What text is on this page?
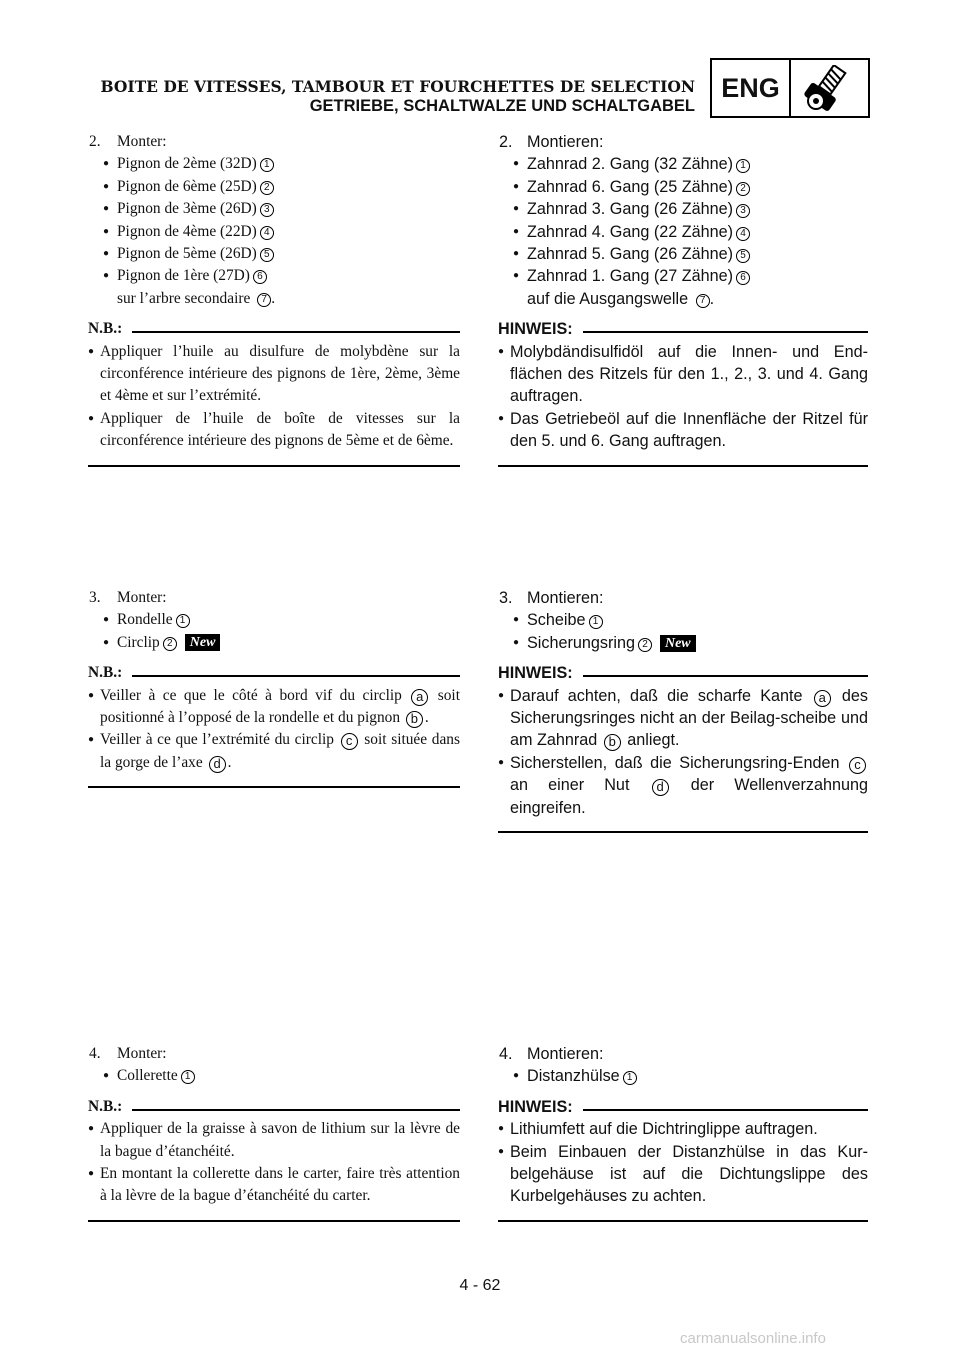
BOITE DE VITESSES, TAMBOUR ET FOURCHETTES DE SELECTION
GETRIEBE, SCHALTWALZE UND SCHALTGABEL
ENG
2. Monter:
● Pignon de 2ème (32D) 1
● Pignon de 6ème (25D) 2
● Pignon de 3ème (26D) 3
● Pignon de 4ème (22D) 4
● Pignon de 5ème (26D) 5
● Pignon de 1ère (27D) 6
sur l’arbre secondaire 7 .
N.B.:
● Appliquer l’huile au disulfure de molybdène sur la circonférence intérieure des pignons de 1ère, 2ème, 3ème et 4ème et sur l’extrémité.
● Appliquer de l’huile de boîte de vitesses sur la circonférence intérieure des pignons de 5ème et de 6ème.
3. Monter:
● Rondelle 1
● Circlip 2 New
N.B.:
● Veiller à ce que le côté à bord vif du circlip a soit positionné à l’opposé de la rondelle et du pignon b .
● Veiller à ce que l’extrémité du circlip c soit située dans la gorge de l’axe d .
4. Monter:
● Collerette 1
N.B.:
● Appliquer de la graisse à savon de lithium sur la lèvre de la bague d’étanchéité.
● En montant la collerette dans le carter, faire très attention à la lèvre de la bague d’étanchéité du carter.
2. Montieren:
● Zahnrad 2. Gang (32 Zähne) 1
● Zahnrad 6. Gang (25 Zähne) 2
● Zahnrad 3. Gang (26 Zähne) 3
● Zahnrad 4. Gang (22 Zähne) 4
● Zahnrad 5. Gang (26 Zähne) 5
● Zahnrad 1. Gang (27 Zähne) 6
auf die Ausgangswelle 7 .
HINWEIS:
● Molybdändisulfidöl auf die Innen- und End-flächen des Ritzels für den 1., 2., 3. und 4. Gang auftragen.
● Das Getriebeöl auf die Innenfläche der Ritzel für den 5. und 6. Gang auftragen.
3. Montieren:
● Scheibe 1
● Sicherungsring 2 New
HINWEIS:
● Darauf achten, daß die scharfe Kante a des Sicherungsringes nicht an der Beilag-scheibe und am Zahnrad b anliegt.
● Sicherstellen, daß die Sicherungsring-Enden c an einer Nut d der Wellenverzahnung eingreifen.
4. Montieren:
● Distanzhülse 1
HINWEIS:
● Lithiumfett auf die Dichtringlippe auftragen.
● Beim Einbauen der Distanzhülse in das Kur-belgehäuse ist auf die Dichtungslippe des Kurbelgehäuses zu achten.
4 - 62
carmanualsonline.info
